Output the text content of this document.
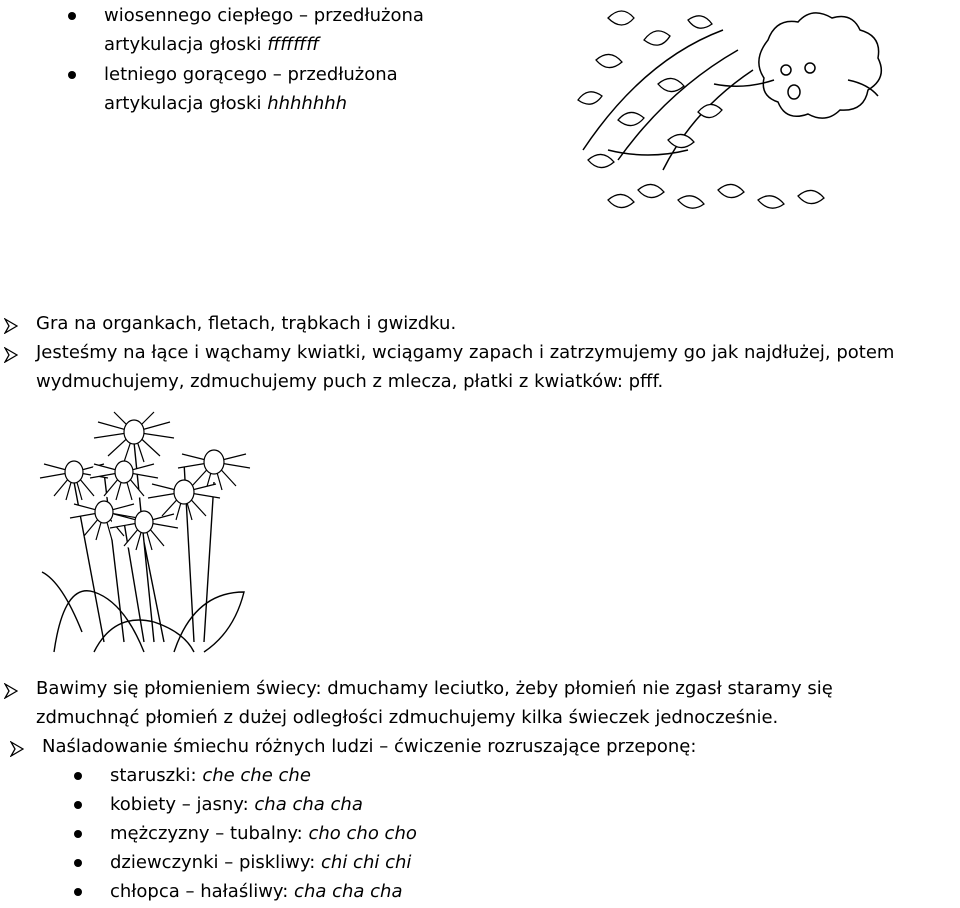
wiosennego ciepłego – przedłużona
artykulacja głoski ffffffff
letniego gorącego – przedłużona
artykulacja głoski hhhhhhh
Gra na organkach, fletach, trąbkach i gwizdku.
Jesteśmy na łące i wąchamy kwiatki, wciągamy zapach i zatrzymujemy go jak najdłużej, potem
wydmuchujemy, zdmuchujemy puch z mlecza, płatki z kwiatków: pfff.
Bawimy się płomieniem świecy: dmuchamy leciutko, żeby płomień nie zgasł staramy się
zdmuchnąć płomień z dużej odległości zdmuchujemy kilka świeczek jednocześnie.
Naśladowanie śmiechu różnych ludzi – ćwiczenie rozruszające przeponę:
staruszki: che che che
kobiety – jasny: cha cha cha
mężczyzny – tubalny: cho cho cho
dziewczynki – piskliwy: chi chi chi
chłopca – hałaśliwy: cha cha cha
